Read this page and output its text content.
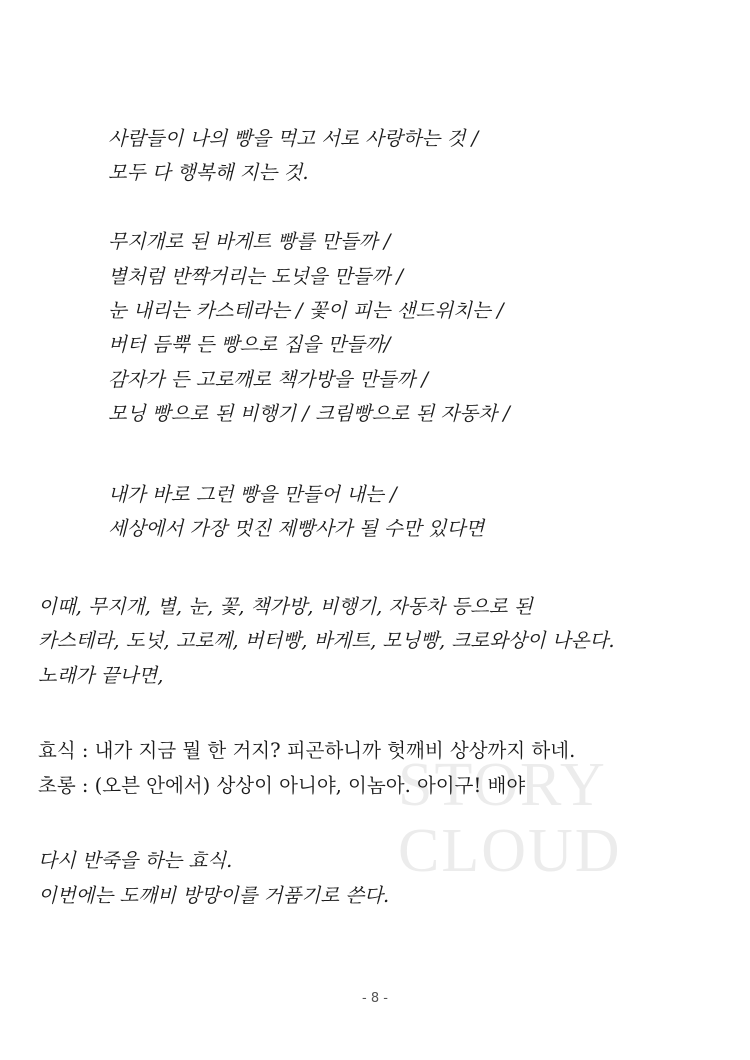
STORY
CLOUD
사람들이 나의 빵을 먹고 서로 사랑하는 것 /
모두 다 행복해 지는 것.
무지개로 된 바게트 빵를 만들까 /
별처럼 반짝거리는 도넛을 만들까 /
눈 내리는 카스테라는 / 꽃이 피는 샌드위치는 /
버터 듬뿍 든 빵으로 집을 만들까/
감자가 든 고로깨로 책가방을 만들까 /
모닝 빵으로 된 비행기 / 크림빵으로 된 자동차 /
내가 바로 그런 빵을 만들어 내는 /
세상에서 가장 멋진 제빵사가 될 수만 있다면
이때, 무지개, 별, 눈, 꽃, 책가방, 비행기, 자동차 등으로 된
카스테라, 도넛, 고로께, 버터빵, 바게트, 모닝빵, 크로와상이 나온다.
노래가 끝나면,
효식 : 내가 지금 뭘 한 거지? 피곤하니까 헛깨비 상상까지 하네.
초롱 : (오븐 안에서) 상상이 아니야, 이놈아. 아이구! 배야
다시 반죽을 하는 효식.
이번에는 도깨비 방망이를 거품기로 쓴다.
- 8 -
